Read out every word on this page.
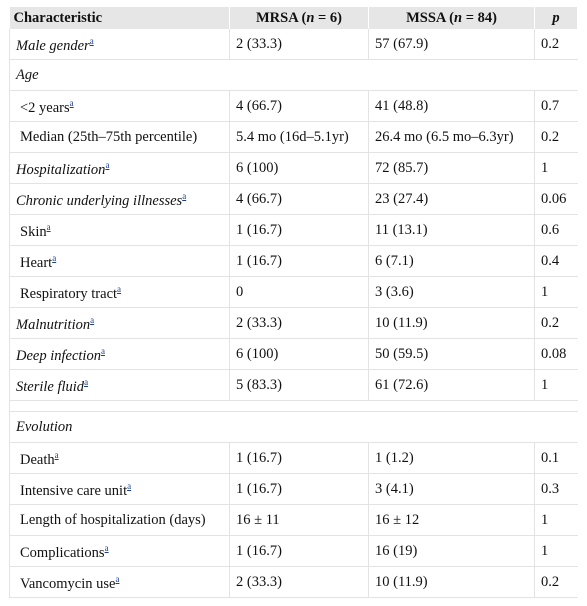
Characteristic	MRSA (n = 6)	MSSA (n = 84)	p
Male gender$^a$	2 (33.3)	57 (67.9)	0.2
Age			
<2 years$^a$	4 (66.7)	41 (48.8)	0.7
Median (25th–75th percentile)	5.4 mo (16d–5.1yr)	26.4 mo (6.5 mo–6.3yr)	0.2
Hospitalization$^a$	6 (100)	72 (85.7)	1
Chronic underlying illnesses$^a$	4 (66.7)	23 (27.4)	0.06
Skin$^a$	1 (16.7)	11 (13.1)	0.6
Heart$^a$	1 (16.7)	6 (7.1)	0.4
Respiratory tract$^a$	0	3 (3.6)	1
Malnutrition$^a$	2 (33.3)	10 (11.9)	0.2
Deep infection$^a$	6 (100)	50 (59.5)	0.08
Sterile fluid$^a$	5 (83.3)	61 (72.6)	1

Evolution			
Death$^a$	1 (16.7)	1 (1.2)	0.1
Intensive care unit$^a$	1 (16.7)	3 (4.1)	0.3
Length of hospitalization (days)	16 ± 11	16 ± 12	1
Complications$^a$	1 (16.7)	16 (19)	1
Vancomycin use$^a$	2 (33.3)	10 (11.9)	0.2
